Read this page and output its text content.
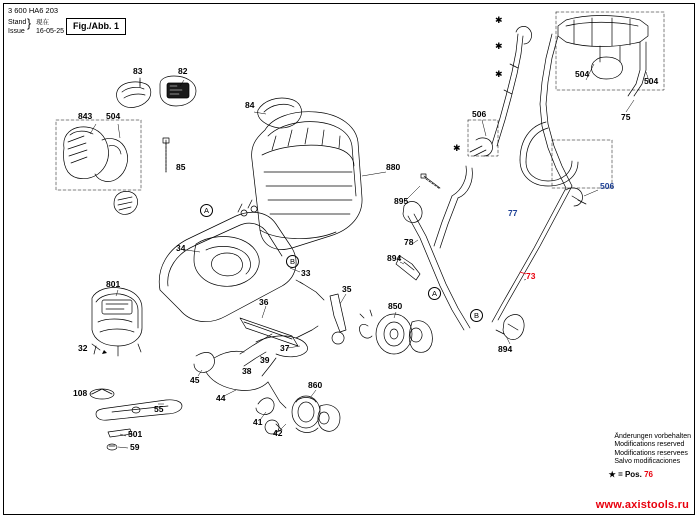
3 600 HA6 203
Stand
Issue
} 現在
16-05-25
Fig./Abb. 1
✱
✱
✱
✱
83	82
843 504
84
85	880
34
33
35
36
801
32	37
39
38
45
44
108
55
501
59
41
42
860
850
78
894
895
506
77
506
504
504
75
73
894
A
B
A
B
Änderungen vorbehalten
Modifications reserved
Modifications reservees
Salvo modificaciones
★ = Pos. 76
www.axistools.ru
